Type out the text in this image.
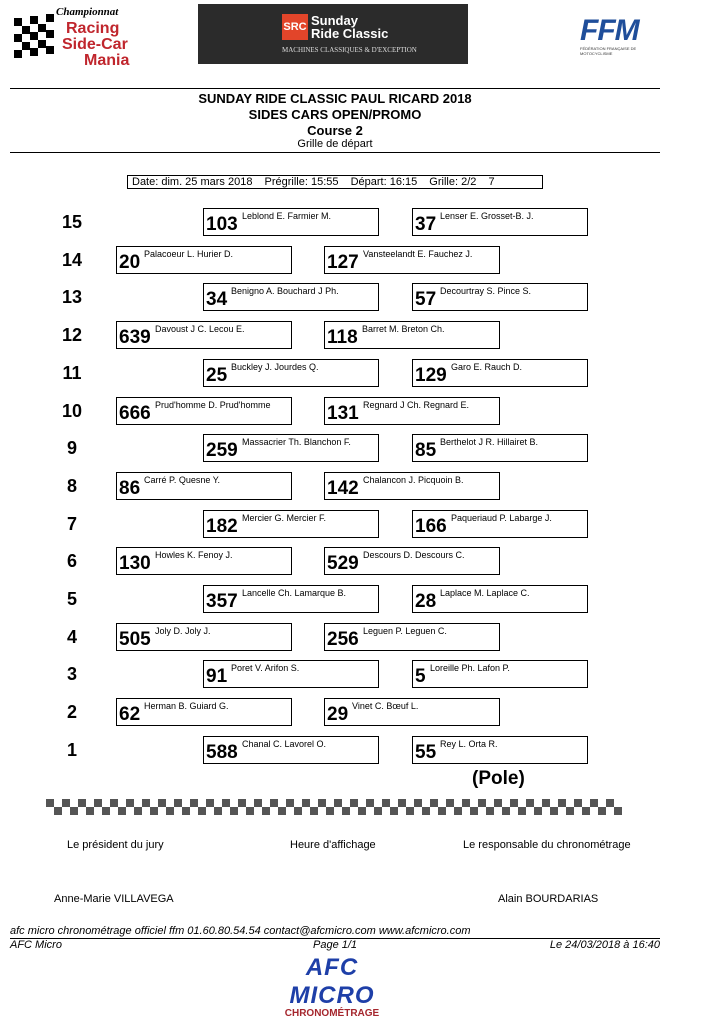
Championnat
Racing
Side-Car
Mania
SRC Sunday
Ride Classic
MACHINES CLASSIQUES & D'EXCEPTION
FFM
FÉDÉRATION FRANÇAISE DE MOTOCYCLISME
SUNDAY RIDE CLASSIC PAUL RICARD 2018
SIDES CARS OPEN/PROMO
Course 2
Grille de départ
Date: dim. 25 mars 2018 Prégrille: 15:55 Départ: 16:15 Grille: 2/2 7
15	103 Leblond E. Farmier M.	37 Lenser E. Grosset-B. J.
14	20 Palacoeur L. Hurier D.	127 Vansteelandt E. Fauchez J.
13	34 Benigno A. Bouchard J Ph.	57 Decourtray S. Pince S.
12	639 Davoust J C. Lecou E.	118 Barret M. Breton Ch.
11	25 Buckley J. Jourdes Q.	129 Garo E. Rauch D.
10	666 Prud'homme D. Prud'homme	131 Regnard J Ch. Regnard E.
9	259 Massacrier Th. Blanchon F.	85 Berthelot J R. Hillairet B.
8	86 Carré P. Quesne Y.	142 Chalancon J. Picquoin B.
7	182 Mercier G. Mercier F.	166 Paqueriaud P. Labarge J.
6	130 Howles K. Fenoy J.	529 Descours D. Descours C.
5	357 Lancelle Ch. Lamarque B.	28 Laplace M. Laplace C.
4	505 Joly D. Joly J.	256 Leguen P. Leguen C.
3	91 Poret V. Arifon S.	5 Loreille Ph. Lafon P.
2	62 Herman B. Guiard G.	29 Vinet C. Bœuf L.
1	588 Chanal C. Lavorel O.	55 Rey L. Orta R.
(Pole)
Le président du jury	Heure d'affichage	Le responsable du chronométrage
Anne-Marie VILLAVEGA	Alain BOURDARIAS
afc micro chronométrage officiel ffm 01.60.80.54.54 contact@afcmicro.com www.afcmicro.com
AFC Micro	Page 1/1	Le 24/03/2018 à 16:40
AFC MICRO
CHRONOMÉTRAGE
